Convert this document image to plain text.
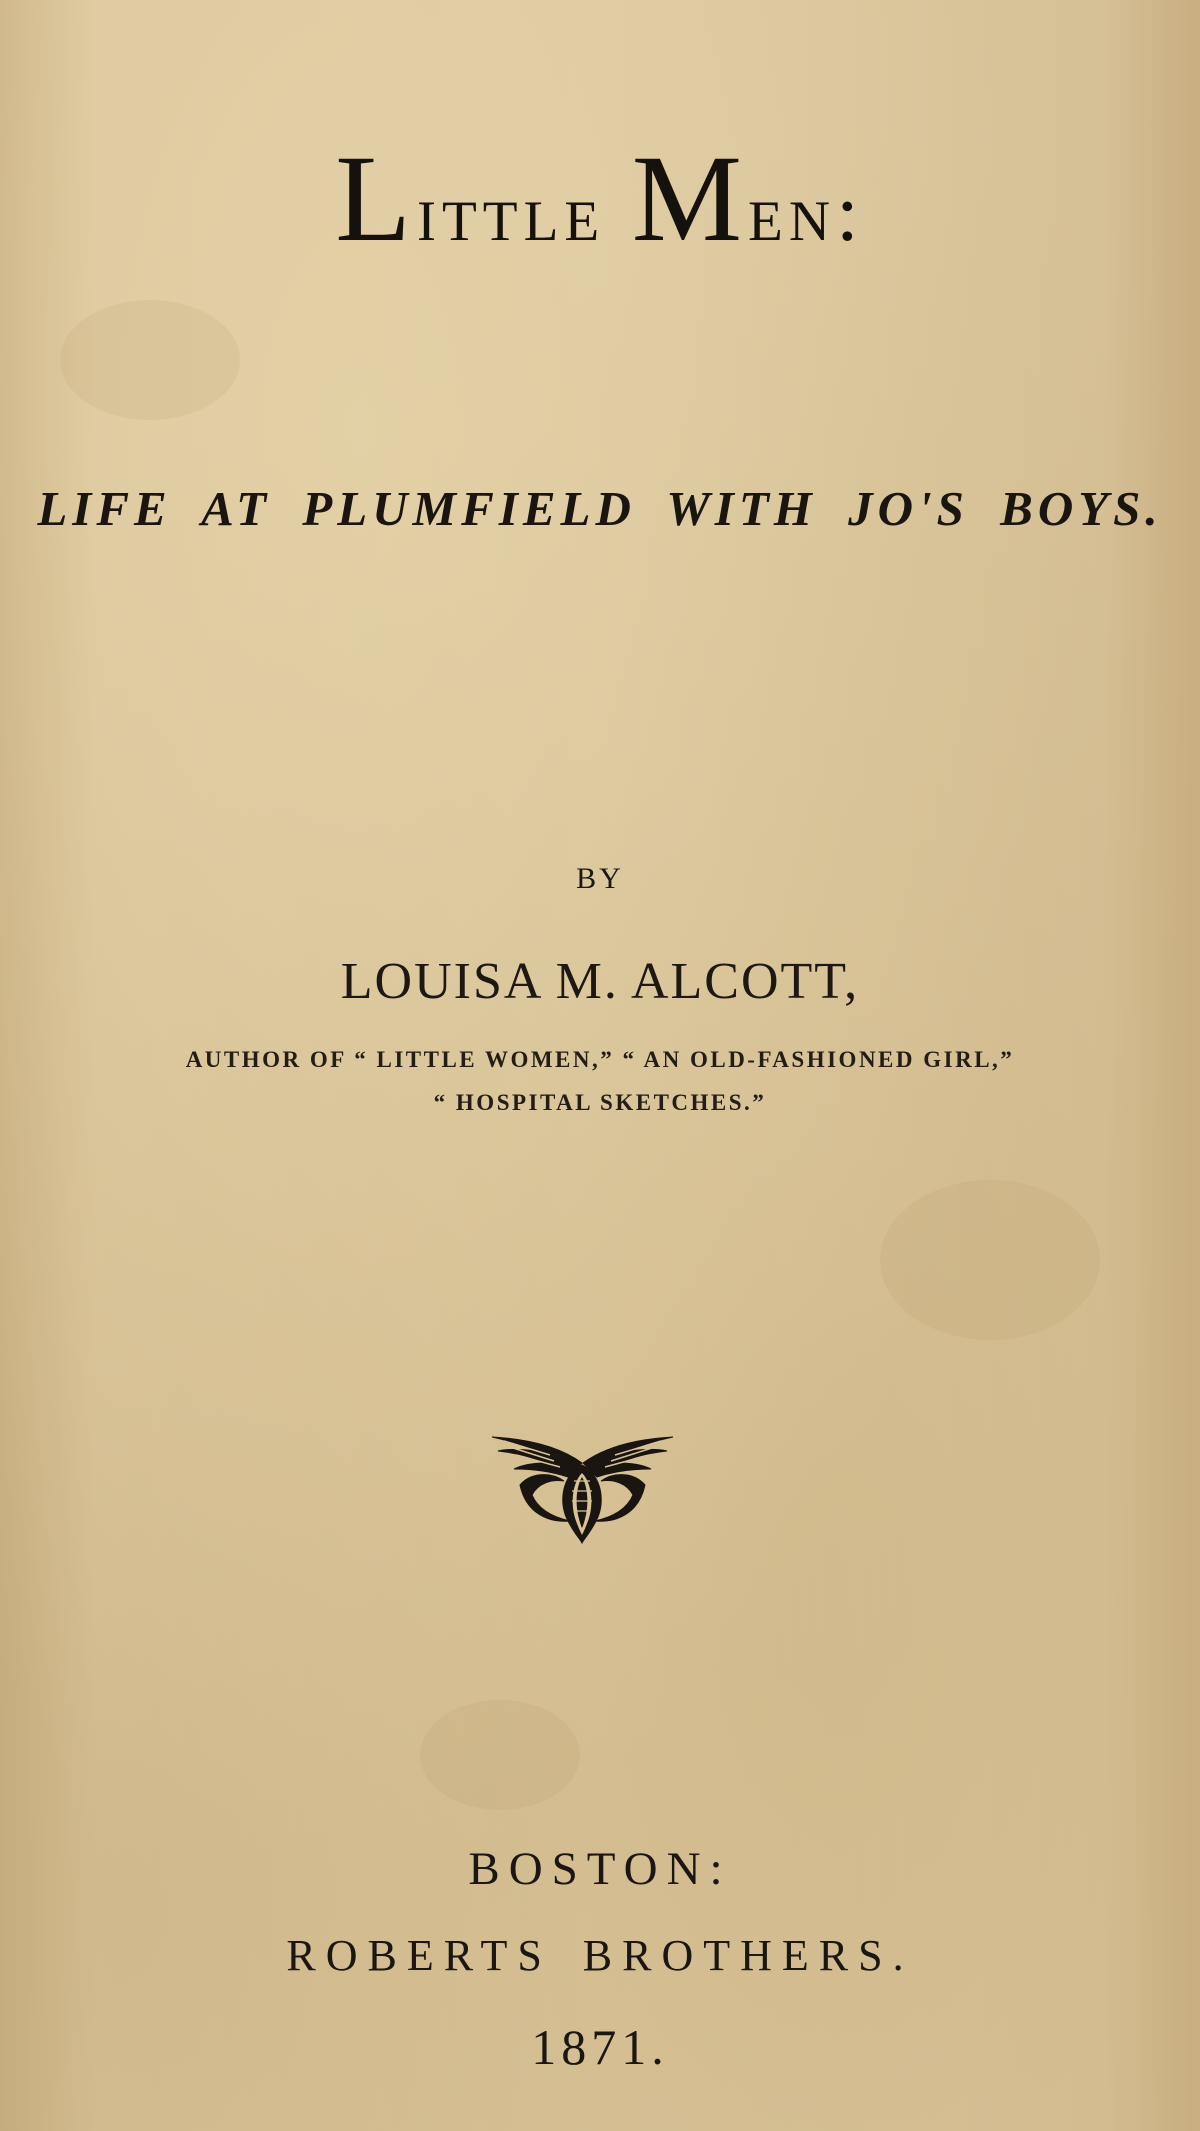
Little Men:

LIFE AT PLUMFIELD WITH JO'S BOYS.

BY

LOUISA M. ALCOTT,

AUTHOR OF “ LITTLE WOMEN,” “ AN OLD-FASHIONED GIRL,”

“ HOSPITAL SKETCHES.”

BOSTON:

ROBERTS BROTHERS.

1871.
